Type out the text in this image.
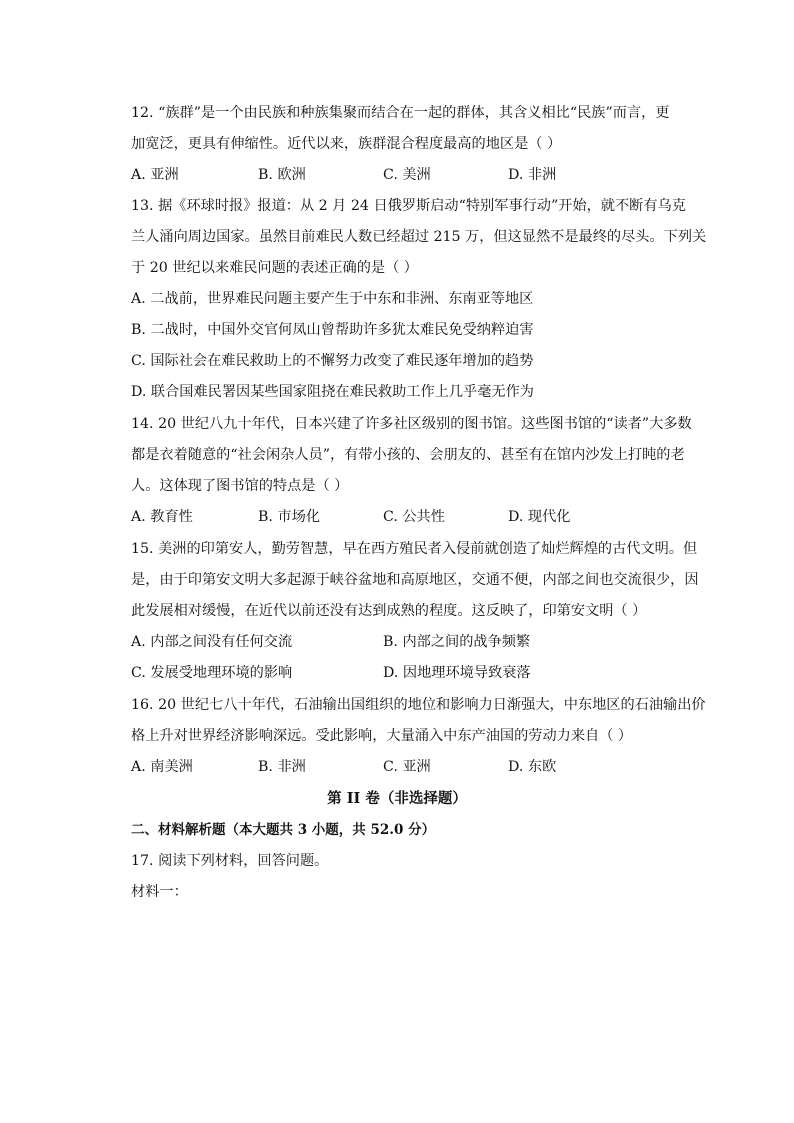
12. “族群”是一个由民族和种族集聚而结合在一起的群体，其含义相比“民族”而言，更
加宽泛，更具有伸缩性。近代以来，族群混合程度最高的地区是（ ）
A. 亚洲	B. 欧洲	C. 美洲	D. 非洲
13. 据《环球时报》报道：从 2 月 24 日俄罗斯启动“特别军事行动”开始，就不断有乌克
兰人涌向周边国家。虽然目前难民人数已经超过 215 万，但这显然不是最终的尽头。下列关
于 20 世纪以来难民问题的表述正确的是（ ）
A. 二战前，世界难民问题主要产生于中东和非洲、东南亚等地区
B. 二战时，中国外交官何凤山曾帮助许多犹太难民免受纳粹迫害
C. 国际社会在难民救助上的不懈努力改变了难民逐年增加的趋势
D. 联合国难民署因某些国家阻挠在难民救助工作上几乎毫无作为
14. 20 世纪八九十年代，日本兴建了许多社区级别的图书馆。这些图书馆的“读者”大多数
都是衣着随意的“社会闲杂人员”，有带小孩的、会朋友的、甚至有在馆内沙发上打盹的老
人。这体现了图书馆的特点是（ ）
A. 教育性	B. 市场化	C. 公共性	D. 现代化
15. 美洲的印第安人，勤劳智慧，早在西方殖民者入侵前就创造了灿烂辉煌的古代文明。但
是，由于印第安文明大多起源于峡谷盆地和高原地区，交通不便，内部之间也交流很少，因
此发展相对缓慢，在近代以前还没有达到成熟的程度。这反映了，印第安文明（ ）
A. 内部之间没有任何交流	B. 内部之间的战争频繁
C. 发展受地理环境的影响	D. 因地理环境导致衰落
16. 20 世纪七八十年代，石油输出国组织的地位和影响力日渐强大，中东地区的石油输出价
格上升对世界经济影响深远。受此影响，大量涌入中东产油国的劳动力来自（ ）
A. 南美洲	B. 非洲	C. 亚洲	D. 东欧
第 II 卷（非选择题）
二、材料解析题（本大题共 3 小题，共 52.0 分）
17. 阅读下列材料，回答问题。
材料一：
